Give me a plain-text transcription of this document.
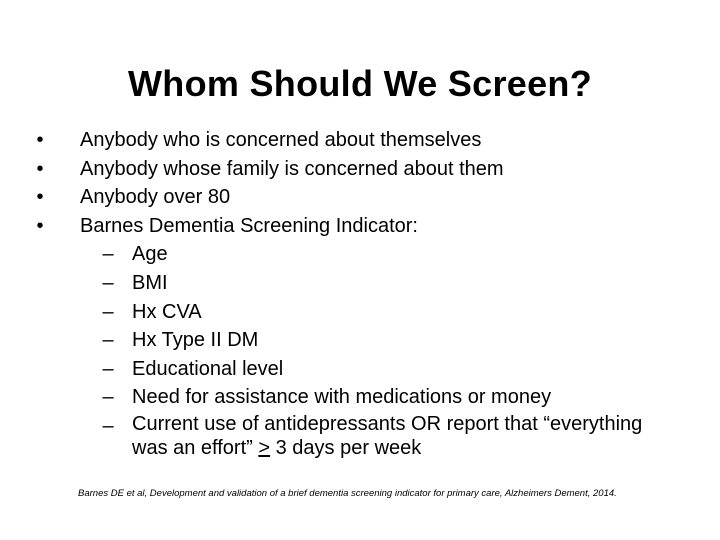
Whom Should We Screen?
•	Anybody who is concerned about themselves
•	Anybody whose family is concerned about them
•	Anybody over 80
•	Barnes Dementia Screening Indicator:
– Age
– BMI
– Hx CVA
– Hx Type II DM
– Educational level
– Need for assistance with medications or money
– Current use of antidepressants OR report that “everything
was an effort” ≥ 3 days per week
Barnes DE et al, Development and validation of a brief dementia screening indicator for primary care, Alzheimers Dement, 2014.
